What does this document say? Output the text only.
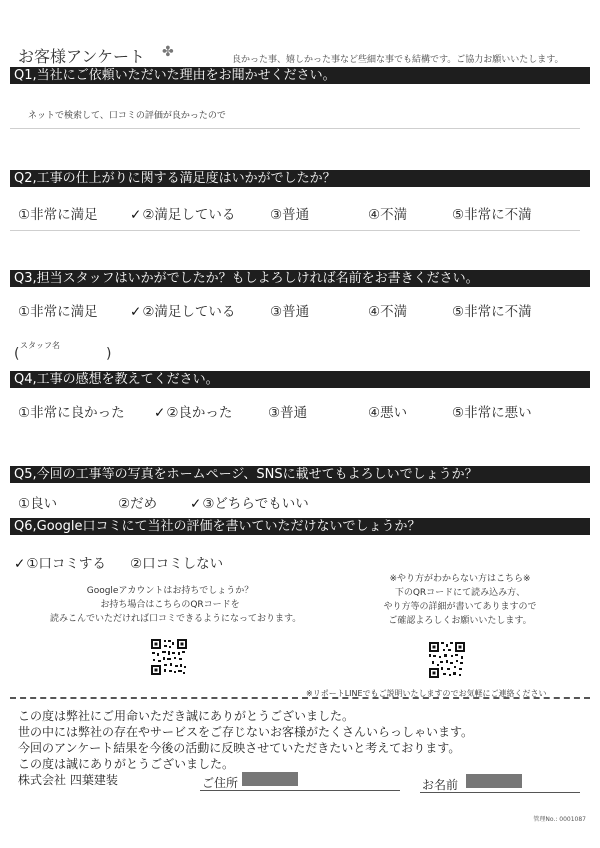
お客様アンケート ✤	良かった事、嬉しかった事など些細な事でも結構です。ご協力お願いいたします。
Q1,当社にご依頼いただいた理由をお聞かせください。
ネットで検索して、口コミの評価が良かったので
Q2,工事の仕上がりに関する満足度はいかがでしたか？
①非常に満足 ✓②満足している	③普通	④不満	⑤非常に不満
Q3,担当スタッフはいかがでしたか？もしよろしければ名前をお書きください。
①非常に満足 ✓②満足している	③普通	④不満	⑤非常に不満
スタッフ名
(	)
Q4,工事の感想を教えてください。
①非常に良かった ✓②良かった	③普通	④悪い	⑤非常に悪い
Q5,今回の工事等の写真をホームページ、SNSに載せてもよろしいでしょうか？
①良い	②だめ ✓③どちらでもいい
Q6,Google口コミにて当社の評価を書いていただけないでしょうか？
✓①口コミする ②口コミしない
Googleアカウントはお持ちでしょうか？
お持ち場合はこちらのQRコードを
読みこんでいただければ口コミできるようになっております。
※やり方がわからない方はこちら※
下のQRコードにて読み込み方、
やり方等の詳細が書いてありますので
ご確認よろしくお願いいたします。
※リポートLINEでもご説明いたしますのでお気軽にご連絡ください
この度は弊社にご用命いただき誠にありがとうございました。
世の中には弊社の存在やサービスをご存じないお客様がたくさんいらっしゃいます。
今回のアンケート結果を今後の活動に反映させていただきたいと考えております。
この度は誠にありがとうございました。
株式会社 四葉建装	ご住所	お名前
管理No.: 0001087
